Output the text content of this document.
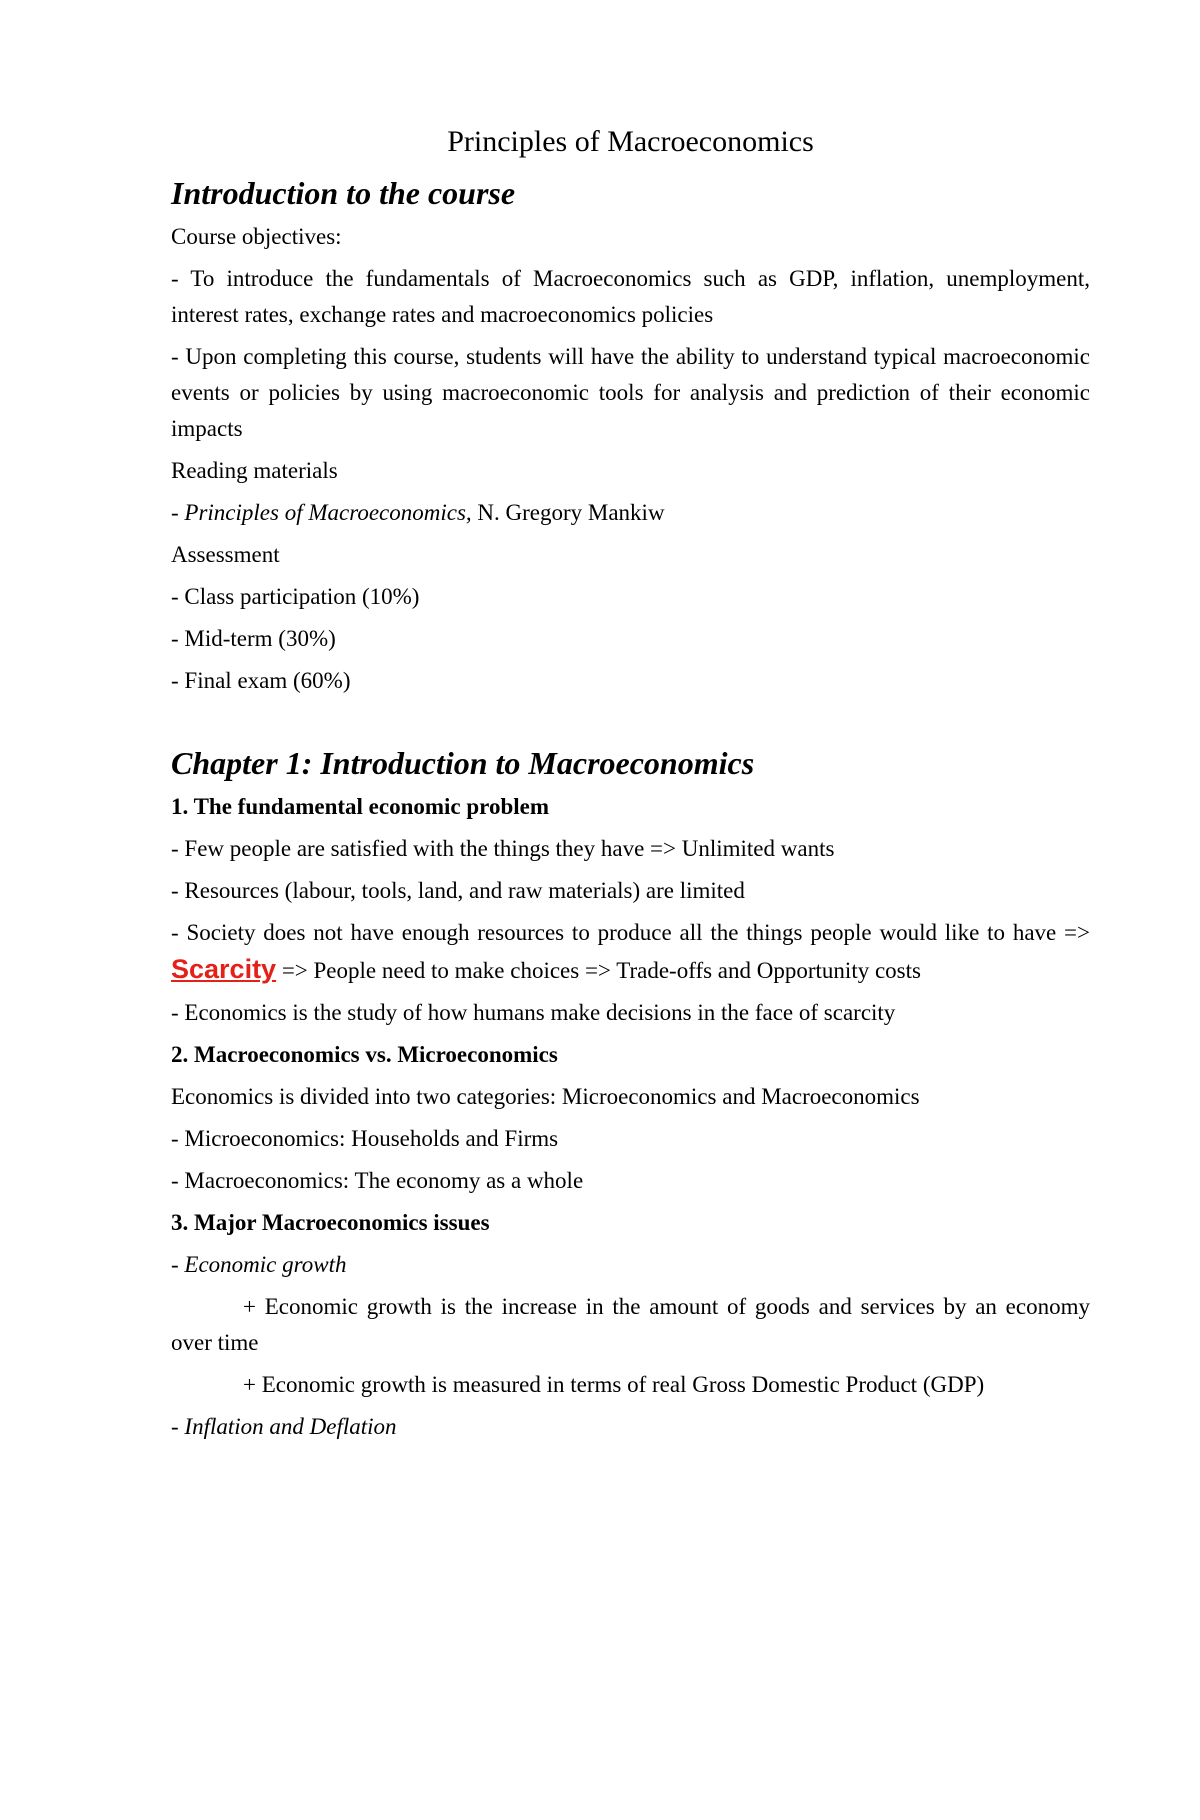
Principles of Macroeconomics
Introduction to the course

Course objectives:

- To introduce the fundamentals of Macroeconomics such as GDP, inflation, unemployment, interest rates, exchange rates and macroeconomics policies

- Upon completing this course, students will have the ability to understand typical macroeconomic events or policies by using macroeconomic tools for analysis and prediction of their economic impacts

Reading materials

- Principles of Macroeconomics, N. Gregory Mankiw

Assessment

- Class participation (10%)

- Mid-term (30%)

- Final exam (60%)

Chapter 1: Introduction to Macroeconomics

1. The fundamental economic problem

- Few people are satisfied with the things they have => Unlimited wants

- Resources (labour, tools, land, and raw materials) are limited

- Society does not have enough resources to produce all the things people would like to have => Scarcity => People need to make choices => Trade-offs and Opportunity costs

- Economics is the study of how humans make decisions in the face of scarcity

2. Macroeconomics vs. Microeconomics

Economics is divided into two categories: Microeconomics and Macroeconomics

- Microeconomics: Households and Firms

- Macroeconomics: The economy as a whole

3. Major Macroeconomics issues

- Economic growth

+ Economic growth is the increase in the amount of goods and services by an economy over time

+ Economic growth is measured in terms of real Gross Domestic Product (GDP)

- Inflation and Deflation
